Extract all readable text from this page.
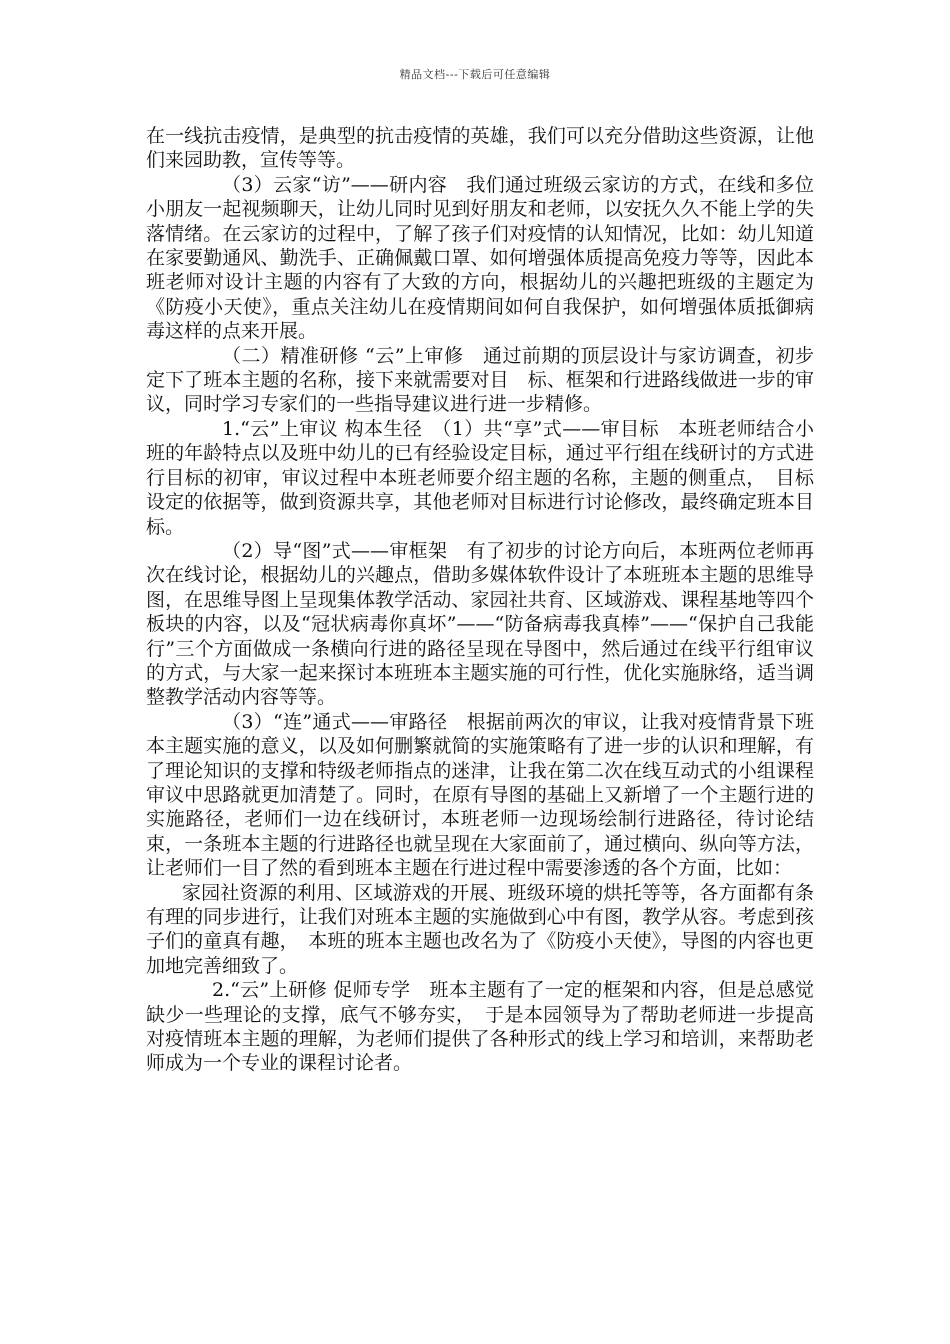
精品文档---下载后可任意编辑

在一线抗击疫情，是典型的抗击疫情的英雄，我们可以充分借助这些资源，让他们来园助教，宣传等等。

（3）云家“访”——研内容　我们通过班级云家访的方式，在线和多位小朋友一起视频聊天，让幼儿同时见到好朋友和老师，以安抚久久不能上学的失落情绪。在云家访的过程中，了解了孩子们对疫情的认知情况，比如：幼儿知道在家要勤通风、勤洗手、正确佩戴口罩、如何增强体质提高免疫力等等，因此本班老师对设计主题的内容有了大致的方向，根据幼儿的兴趣把班级的主题定为《防疫小天使》，重点关注幼儿在疫情期间如何自我保护，如何增强体质抵御病毒这样的点来开展。

（二）精准研修 “云”上审修　通过前期的顶层设计与家访调查，初步定下了班本主题的名称，接下来就需要对目　标、框架和行进路线做进一步的审议，同时学习专家们的一些指导建议进行进一步精修。

1.“云”上审议 构本生径　（1）共“享”式——审目标　本班老师结合小班的年龄特点以及班中幼儿的已有经验设定目标，通过平行组在线研讨的方式进行目标的初审，审议过程中本班老师要介绍主题的名称，主题的侧重点，　目标设定的依据等，做到资源共享，其他老师对目标进行讨论修改，最终确定班本目标。

（2）导“图”式——审框架　有了初步的讨论方向后，本班两位老师再次在线讨论，根据幼儿的兴趣点，借助多媒体软件设计了本班班本主题的思维导图，在思维导图上呈现集体教学活动、家园社共育、区域游戏、课程基地等四个板块的内容，以及“冠状病毒你真坏”——“防备病毒我真棒”——“保护自己我能行”三个方面做成一条横向行进的路径呈现在导图中，然后通过在线平行组审议的方式，与大家一起来探讨本班班本主题实施的可行性，优化实施脉络，适当调整教学活动内容等等。

（3）“连”通式——审路径　根据前两次的审议，让我对疫情背景下班本主题实施的意义，以及如何删繁就简的实施策略有了进一步的认识和理解，有了理论知识的支撑和特级老师指点的迷津，让我在第二次在线互动式的小组课程审议中思路就更加清楚了。同时，在原有导图的基础上又新增了一个主题行进的实施路径，老师们一边在线研讨，本班老师一边现场绘制行进路径，待讨论结束，一条班本主题的行进路径也就呈现在大家面前了，通过横向、纵向等方法，让老师们一目了然的看到班本主题在行进过程中需要渗透的各个方面，比如：

家园社资源的利用、区域游戏的开展、班级环境的烘托等等，各方面都有条有理的同步进行，让我们对班本主题的实施做到心中有图，教学从容。考虑到孩子们的童真有趣，　本班的班本主题也改名为了《防疫小天使》，导图的内容也更加地完善细致了。

2.“云”上研修 促师专学　班本主题有了一定的框架和内容，但是总感觉缺少一些理论的支撑，底气不够夯实，　于是本园领导为了帮助老师进一步提高对疫情班本主题的理解，为老师们提供了各种形式的线上学习和培训，来帮助老师成为一个专业的课程讨论者。
